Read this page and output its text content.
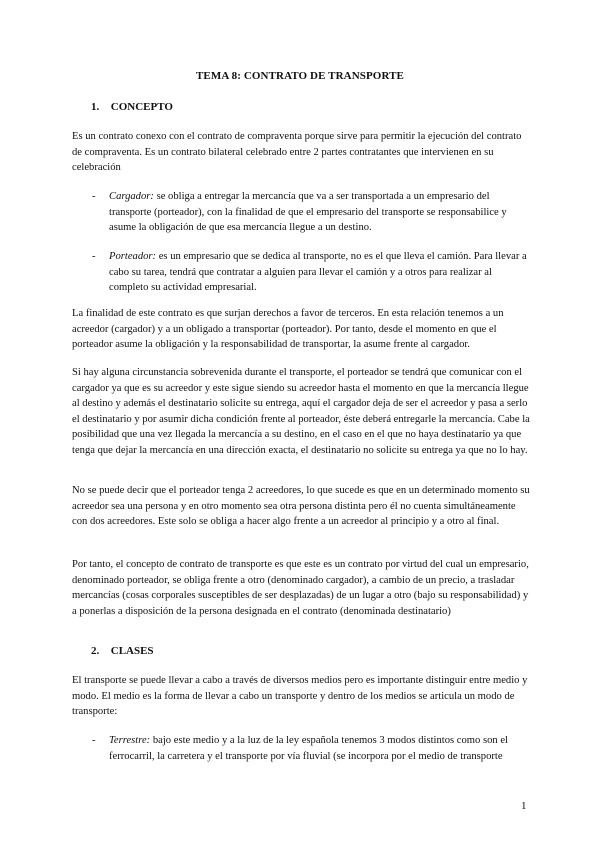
TEMA 8: CONTRATO DE TRANSPORTE
1. CONCEPTO

Es un contrato conexo con el contrato de compraventa porque sirve para permitir la ejecución del contrato de compraventa. Es un contrato bilateral celebrado entre 2 partes contratantes que intervienen en su celebración

- Cargador: se obliga a entregar la mercancía que va a ser transportada a un empresario del transporte (porteador), con la finalidad de que el empresario del transporte se responsabilice y asume la obligación de que esa mercancía llegue a un destino.
- Porteador: es un empresario que se dedica al transporte, no es el que lleva el camión. Para llevar a cabo su tarea, tendrá que contratar a alguien para llevar el camión y a otros para realizar al completo su actividad empresarial.

La finalidad de este contrato es que surjan derechos a favor de terceros. En esta relación tenemos a un acreedor (cargador) y a un obligado a transportar (porteador). Por tanto, desde el momento en que el porteador asume la obligación y la responsabilidad de transportar, la asume frente al cargador.

Si hay alguna circunstancia sobrevenida durante el transporte, el porteador se tendrá que comunicar con el cargador ya que es su acreedor y este sigue siendo su acreedor hasta el momento en que la mercancía llegue al destino y además el destinatario solicite su entrega, aquí el cargador deja de ser el acreedor y pasa a serlo el destinatario y por asumir dicha condición frente al porteador, éste deberá entregarle la mercancía. Cabe la posibilidad que una vez llegada la mercancía a su destino, en el caso en el que no haya destinatario ya que tenga que dejar la mercancía en una dirección exacta, el destinatario no solicite su entrega ya que no lo hay.

No se puede decir que el porteador tenga 2 acreedores, lo que sucede es que en un determinado momento su acreedor sea una persona y en otro momento sea otra persona distinta pero él no cuenta simultáneamente con dos acreedores. Este solo se obliga a hacer algo frente a un acreedor al principio y a otro al final.

Por tanto, el concepto de contrato de transporte es que este es un contrato por virtud del cual un empresario, denominado porteador, se obliga frente a otro (denominado cargador), a cambio de un precio, a trasladar mercancías (cosas corporales susceptibles de ser desplazadas) de un lugar a otro (bajo su responsabilidad) y a ponerlas a disposición de la persona designada en el contrato (denominada destinatario)

2. CLASES

El transporte se puede llevar a cabo a través de diversos medios pero es importante distinguir entre medio y modo. El medio es la forma de llevar a cabo un transporte y dentro de los medios se articula un modo de transporte:

- Terrestre: bajo este medio y a la luz de la ley española tenemos 3 modos distintos como son el ferrocarril, la carretera y el transporte por vía fluvial (se incorpora por el medio de transporte
1
